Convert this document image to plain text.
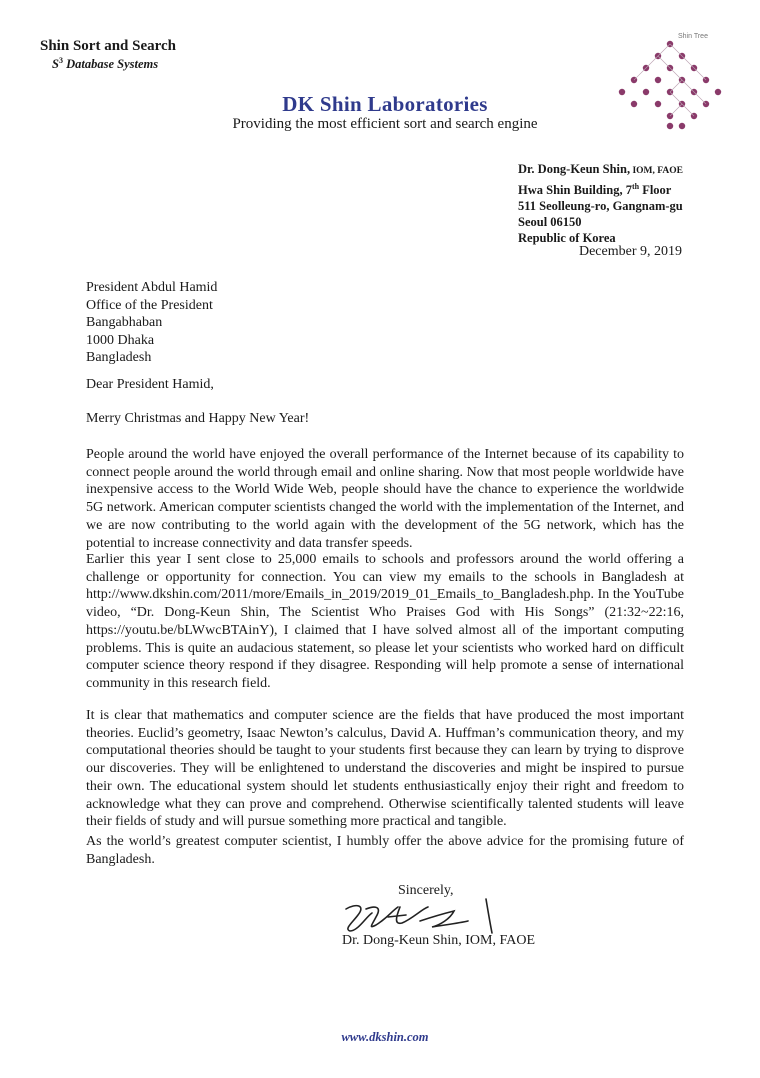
Shin Sort and Search
$S^3$ Database Systems
DK Shin Laboratories
Providing the most efficient sort and search engine
Shin Tree
Dr. Dong-Keun Shin, IOM, FAOE
Hwa Shin Building, 7th Floor
511 Seolleung-ro, Gangnam-gu
Seoul 06150
Republic of Korea
December 9, 2019
President Abdul Hamid
Office of the President
Bangabhaban
1000 Dhaka
Bangladesh
Dear President Hamid,
Merry Christmas and Happy New Year!

People around the world have enjoyed the overall performance of the Internet because of its capability to connect people around the world through email and online sharing. Now that most people worldwide have inexpensive access to the World Wide Web, people should have the chance to experience the worldwide 5G network. American computer scientists changed the world with the implementation of the Internet, and we are now contributing to the world again with the development of the 5G network, which has the potential to increase connectivity and data transfer speeds.

Earlier this year I sent close to 25,000 emails to schools and professors around the world offering a challenge or opportunity for connection. You can view my emails to the schools in Bangladesh at http://www.dkshin.com/2011/more/Emails_in_2019/2019_01_Emails_to_Bangladesh.php. In the YouTube video, “Dr. Dong-Keun Shin, The Scientist Who Praises God with His Songs” (21:32~22:16, https://youtu.be/bLWwcBTAinY), I claimed that I have solved almost all of the important computing problems. This is quite an audacious statement, so please let your scientists who worked hard on difficult computer science theory respond if they disagree. Responding will help promote a sense of international community in this research field.

It is clear that mathematics and computer science are the fields that have produced the most important theories. Euclid’s geometry, Isaac Newton’s calculus, David A. Huffman’s communication theory, and my computational theories should be taught to your students first because they can learn by trying to disprove our discoveries. They will be enlightened to understand the discoveries and might be inspired to pursue their own. The educational system should let students enthusiastically enjoy their right and freedom to acknowledge what they can prove and comprehend. Otherwise scientifically talented students will leave their fields of study and will pursue something more practical and tangible.

As the world’s greatest computer scientist, I humbly offer the above advice for the promising future of Bangladesh.

Sincerely,
Dr. Dong-Keun Shin, IOM, FAOE
www.dkshin.com
